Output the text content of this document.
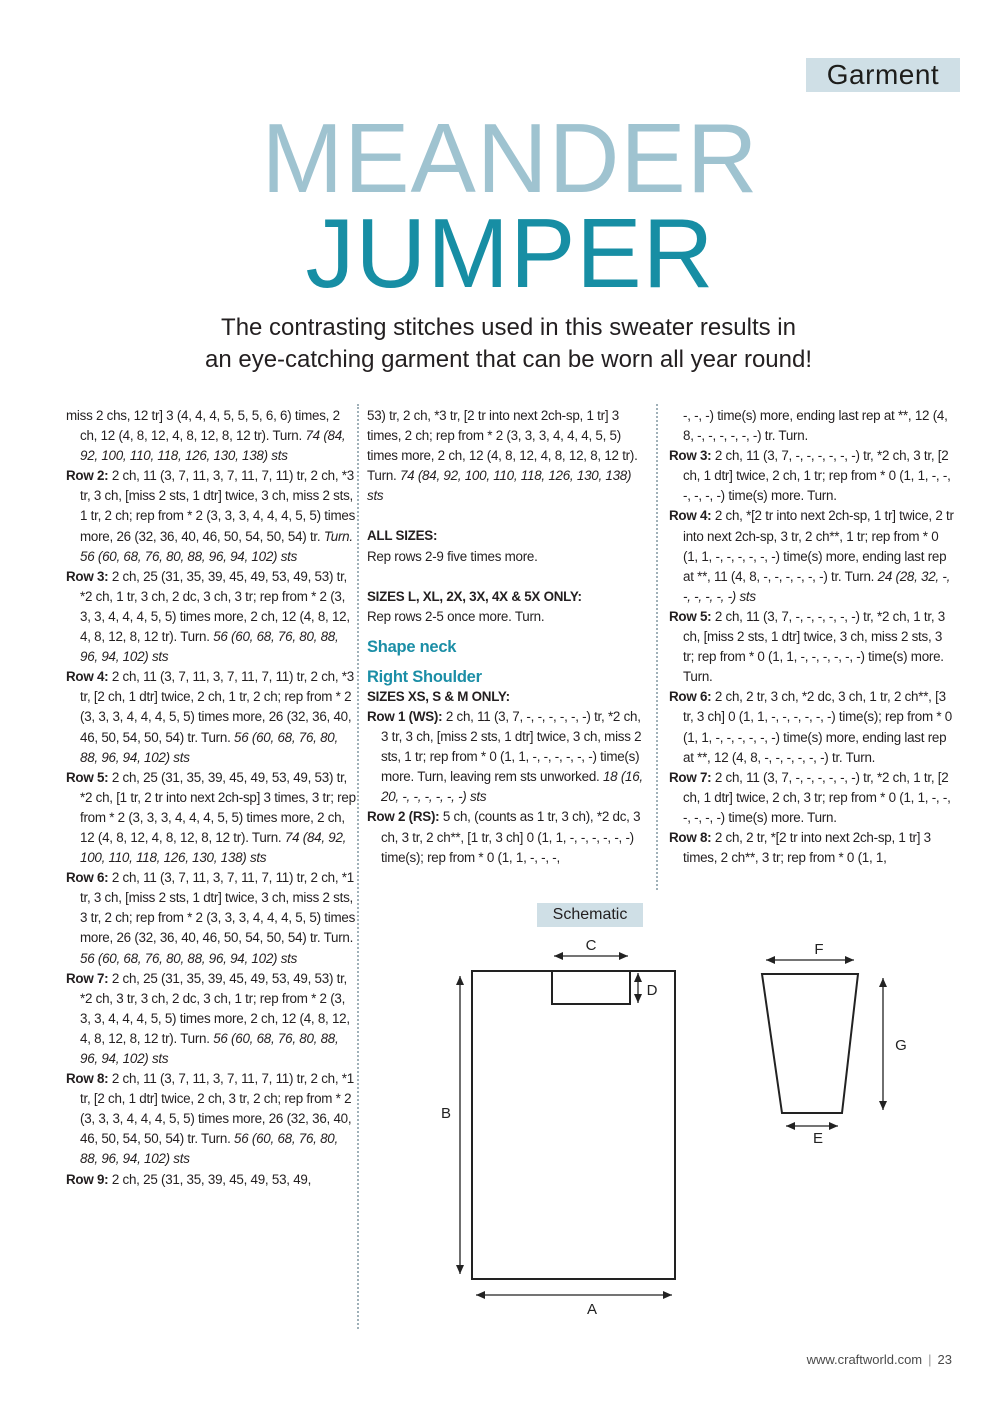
Garment
MEANDER
JUMPER
The contrasting stitches used in this sweater results in
an eye-catching garment that can be worn all year round!

miss 2 chs, 12 tr] 3 (4, 4, 4, 5, 5, 5, 6, 6) times, 2 ch, 12 (4, 8, 12, 4, 8, 12, 8, 12 tr). Turn. 74 (84, 92, 100, 110, 118, 126, 130, 138) sts

Row 2: 2 ch, 11 (3, 7, 11, 3, 7, 11, 7, 11) tr, 2 ch, *3 tr, 3 ch, [miss 2 sts, 1 dtr] twice, 3 ch, miss 2 sts, 1 tr, 2 ch; rep from * 2 (3, 3, 3, 4, 4, 4, 5, 5) times more, 26 (32, 36, 40, 46, 50, 54, 50, 54) tr. Turn. 56 (60, 68, 76, 80, 88, 96, 94, 102) sts

Row 3: 2 ch, 25 (31, 35, 39, 45, 49, 53, 49, 53) tr, *2 ch, 1 tr, 3 ch, 2 dc, 3 ch, 3 tr; rep from * 2 (3, 3, 3, 4, 4, 4, 5, 5) times more, 2 ch, 12 (4, 8, 12, 4, 8, 12, 8, 12 tr). Turn. 56 (60, 68, 76, 80, 88, 96, 94, 102) sts

Row 4: 2 ch, 11 (3, 7, 11, 3, 7, 11, 7, 11) tr, 2 ch, *3 tr, [2 ch, 1 dtr] twice, 2 ch, 1 tr, 2 ch; rep from * 2 (3, 3, 3, 4, 4, 4, 5, 5) times more, 26 (32, 36, 40, 46, 50, 54, 50, 54) tr. Turn. 56 (60, 68, 76, 80, 88, 96, 94, 102) sts

Row 5: 2 ch, 25 (31, 35, 39, 45, 49, 53, 49, 53) tr, *2 ch, [1 tr, 2 tr into next 2ch-sp] 3 times, 3 tr; rep from * 2 (3, 3, 3, 4, 4, 4, 5, 5) times more, 2 ch, 12 (4, 8, 12, 4, 8, 12, 8, 12 tr). Turn. 74 (84, 92, 100, 110, 118, 126, 130, 138) sts

Row 6: 2 ch, 11 (3, 7, 11, 3, 7, 11, 7, 11) tr, 2 ch, *1 tr, 3 ch, [miss 2 sts, 1 dtr] twice, 3 ch, miss 2 sts, 3 tr, 2 ch; rep from * 2 (3, 3, 3, 4, 4, 4, 5, 5) times more, 26 (32, 36, 40, 46, 50, 54, 50, 54) tr. Turn. 56 (60, 68, 76, 80, 88, 96, 94, 102) sts

Row 7: 2 ch, 25 (31, 35, 39, 45, 49, 53, 49, 53) tr, *2 ch, 3 tr, 3 ch, 2 dc, 3 ch, 1 tr; rep from * 2 (3, 3, 3, 4, 4, 4, 5, 5) times more, 2 ch, 12 (4, 8, 12, 4, 8, 12, 8, 12 tr). Turn. 56 (60, 68, 76, 80, 88, 96, 94, 102) sts

Row 8: 2 ch, 11 (3, 7, 11, 3, 7, 11, 7, 11) tr, 2 ch, *1 tr, [2 ch, 1 dtr] twice, 2 ch, 3 tr, 2 ch; rep from * 2 (3, 3, 3, 4, 4, 4, 5, 5) times more, 26 (32, 36, 40, 46, 50, 54, 50, 54) tr. Turn. 56 (60, 68, 76, 80, 88, 96, 94, 102) sts

Row 9: 2 ch, 25 (31, 35, 39, 45, 49, 53, 49,

53) tr, 2 ch, *3 tr, [2 tr into next 2ch-sp, 1 tr] 3 times, 2 ch; rep from * 2 (3, 3, 3, 4, 4, 4, 5, 5) times more, 2 ch, 12 (4, 8, 12, 4, 8, 12, 8, 12 tr). Turn. 74 (84, 92, 100, 110, 118, 126, 130, 138) sts

ALL SIZES:

Rep rows 2-9 five times more.

SIZES L, XL, 2X, 3X, 4X & 5X ONLY:

Rep rows 2-5 once more. Turn.

Shape neck

Right Shoulder

SIZES XS, S & M ONLY:

Row 1 (WS): 2 ch, 11 (3, 7, -, -, -, -, -, -) tr, *2 ch, 3 tr, 3 ch, [miss 2 sts, 1 dtr] twice, 3 ch, miss 2 sts, 1 tr; rep from * 0 (1, 1, -, -, -, -, -, -) time(s) more. Turn, leaving rem sts unworked. 18 (16, 20, -, -, -, -, -, -) sts

Row 2 (RS): 5 ch, (counts as 1 tr, 3 ch), *2 dc, 3 ch, 3 tr, 2 ch**, [1 tr, 3 ch] 0 (1, 1, -, -, -, -, -, -) time(s); rep from * 0 (1, 1, -, -, -,

-, -, -) time(s) more, ending last rep at **, 12 (4, 8, -, -, -, -, -, -) tr. Turn.

Row 3: 2 ch, 11 (3, 7, -, -, -, -, -, -) tr, *2 ch, 3 tr, [2 ch, 1 dtr] twice, 2 ch, 1 tr; rep from * 0 (1, 1, -, -, -, -, -, -) time(s) more. Turn.

Row 4: 2 ch, *[2 tr into next 2ch-sp, 1 tr] twice, 2 tr into next 2ch-sp, 3 tr, 2 ch**, 1 tr; rep from * 0 (1, 1, -, -, -, -, -, -) time(s) more, ending last rep at **, 11 (4, 8, -, -, -, -, -, -) tr. Turn. 24 (28, 32, -, -, -, -, -, -) sts

Row 5: 2 ch, 11 (3, 7, -, -, -, -, -, -) tr, *2 ch, 1 tr, 3 ch, [miss 2 sts, 1 dtr] twice, 3 ch, miss 2 sts, 3 tr; rep from * 0 (1, 1, -, -, -, -, -, -) time(s) more. Turn.

Row 6: 2 ch, 2 tr, 3 ch, *2 dc, 3 ch, 1 tr, 2 ch**, [3 tr, 3 ch] 0 (1, 1, -, -, -, -, -, -) time(s); rep from * 0 (1, 1, -, -, -, -, -, -) time(s) more, ending last rep at **, 12 (4, 8, -, -, -, -, -, -) tr. Turn.

Row 7: 2 ch, 11 (3, 7, -, -, -, -, -, -) tr, *2 ch, 1 tr, [2 ch, 1 dtr] twice, 2 ch, 3 tr; rep from * 0 (1, 1, -, -, -, -, -, -) time(s) more. Turn.

Row 8: 2 ch, 2 tr, *[2 tr into next 2ch-sp, 1 tr] 3 times, 2 ch**, 3 tr; rep from * 0 (1, 1,

Schematic
A
B
C
D
E
F
G
www.craftworld.com | 23
